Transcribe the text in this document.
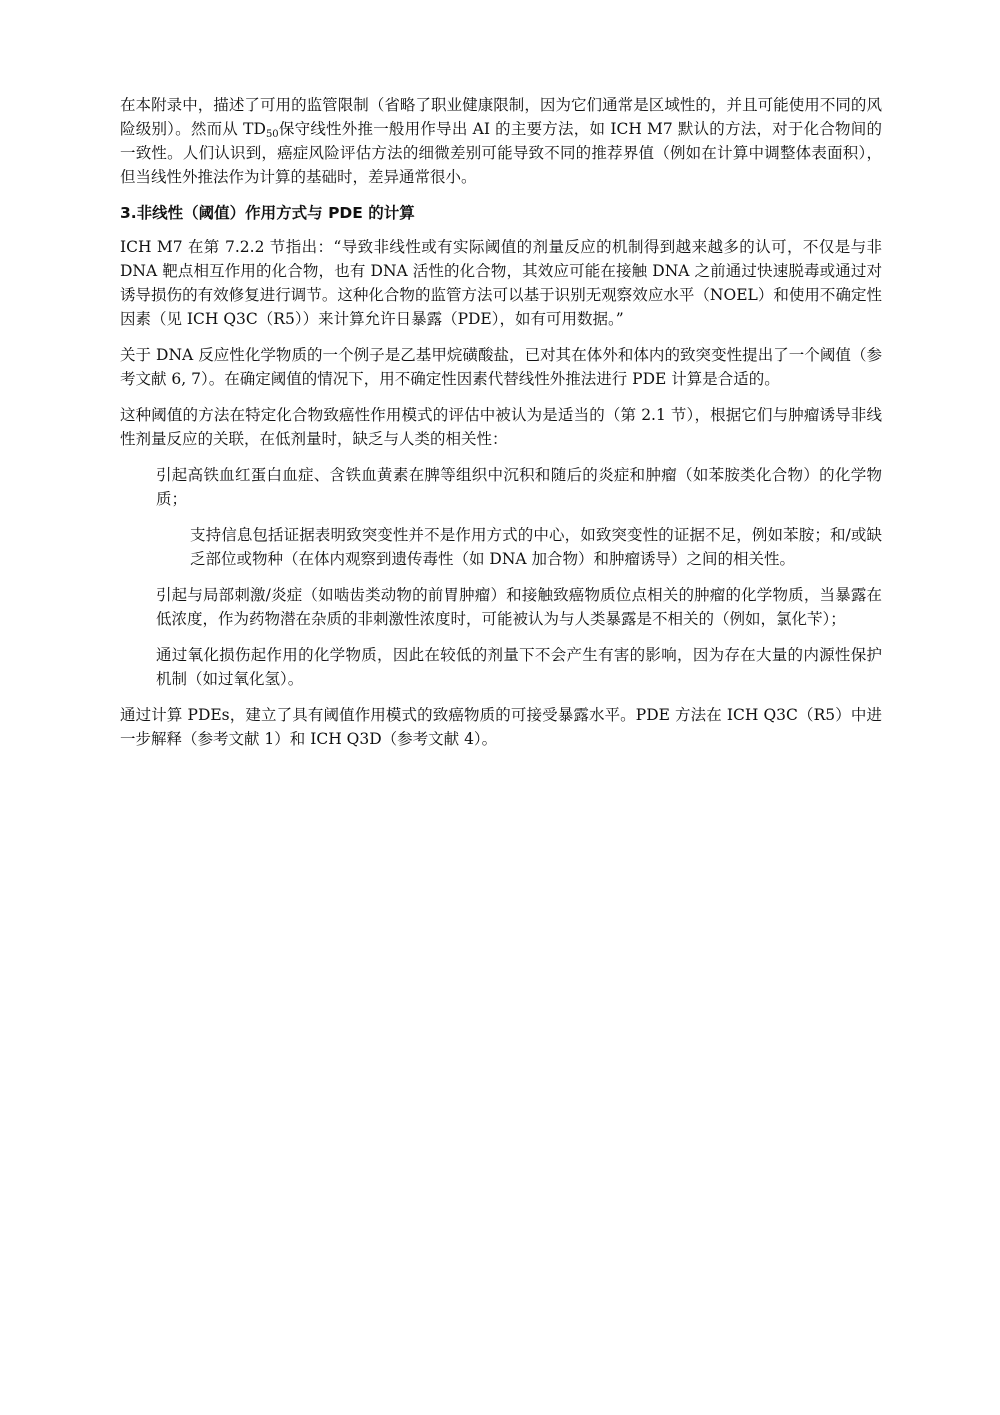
在本附录中，描述了可用的监管限制（省略了职业健康限制，因为它们通常是区域性的，并且可能使用不同的风险级别）。然而从 $TD_{50}$保守线性外推一般用作导出 AI 的主要方法，如 ICH M7 默认的方法，对于化合物间的一致性。人们认识到，癌症风险评估方法的细微差别可能导致不同的推荐界值（例如在计算中调整体表面积），但当线性外推法作为计算的基础时，差异通常很小。

3.非线性（阈值）作用方式与 PDE 的计算

ICH M7 在第 7.2.2 节指出：“导致非线性或有实际阈值的剂量反应的机制得到越来越多的认可，不仅是与非 DNA 靶点相互作用的化合物，也有 DNA 活性的化合物，其效应可能在接触 DNA 之前通过快速脱毒或通过对诱导损伤的有效修复进行调节。这种化合物的监管方法可以基于识别无观察效应水平（NOEL）和使用不确定性因素（见 ICH Q3C（R5））来计算允许日暴露（PDE），如有可用数据。”

关于 DNA 反应性化学物质的一个例子是乙基甲烷磺酸盐，已对其在体外和体内的致突变性提出了一个阈值（参考文献 6, 7）。在确定阈值的情况下，用不确定性因素代替线性外推法进行 PDE 计算是合适的。

这种阈值的方法在特定化合物致癌性作用模式的评估中被认为是适当的（第 2.1 节），根据它们与肿瘤诱导非线性剂量反应的关联，在低剂量时，缺乏与人类的相关性：

引起高铁血红蛋白血症、含铁血黄素在脾等组织中沉积和随后的炎症和肿瘤（如苯胺类化合物）的化学物质；

支持信息包括证据表明致突变性并不是作用方式的中心，如致突变性的证据不足，例如苯胺；和/或缺乏部位或物种（在体内观察到遗传毒性（如 DNA 加合物）和肿瘤诱导）之间的相关性。

引起与局部刺激/炎症（如啮齿类动物的前胃肿瘤）和接触致癌物质位点相关的肿瘤的化学物质，当暴露在低浓度，作为药物潜在杂质的非刺激性浓度时，可能被认为与人类暴露是不相关的（例如，氯化苄）；

通过氧化损伤起作用的化学物质，因此在较低的剂量下不会产生有害的影响，因为存在大量的内源性保护机制（如过氧化氢）。

通过计算 PDEs，建立了具有阈值作用模式的致癌物质的可接受暴露水平。PDE 方法在 ICH Q3C（R5）中进一步解释（参考文献 1）和 ICH Q3D（参考文献 4）。
